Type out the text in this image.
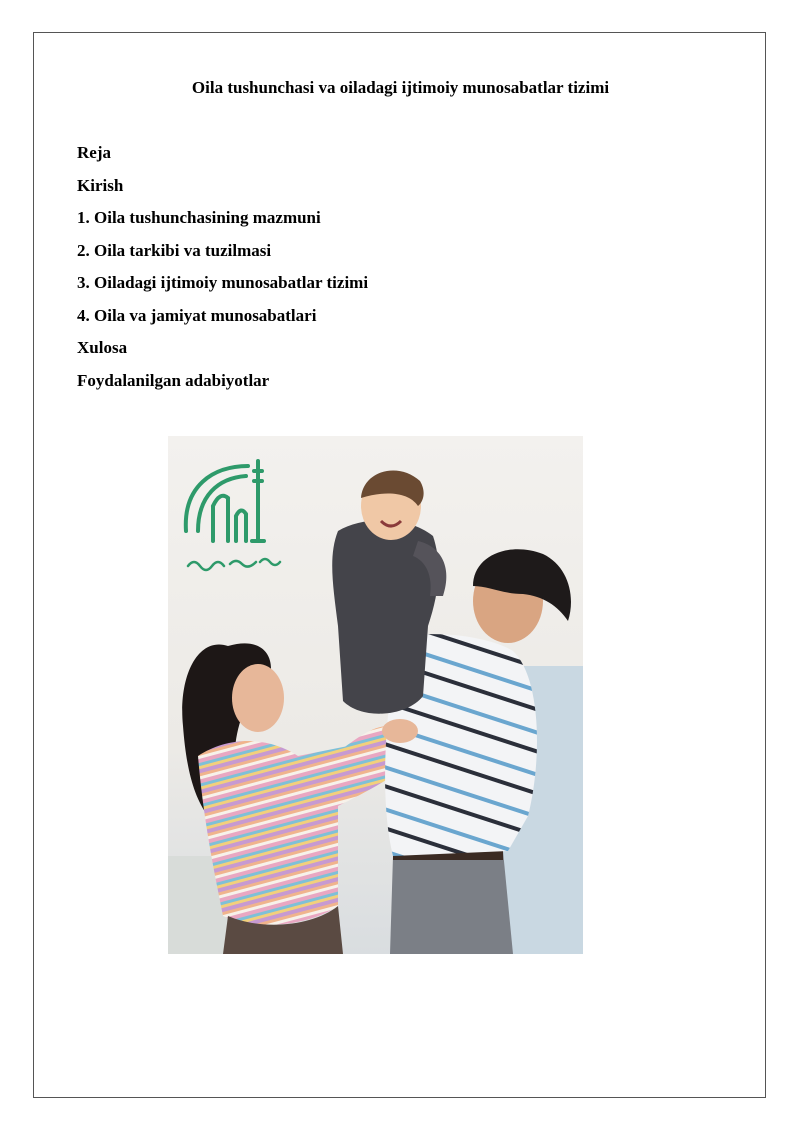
Oila tushunchasi va oiladagi ijtimoiy munosabatlar tizimi
Reja
Kirish
1. Oila tushunchasining mazmuni
2. Oila tarkibi va tuzilmasi
3. Oiladagi ijtimoiy munosabatlar tizimi
4. Oila va jamiyat munosabatlari
Xulosa
Foydalanilgan adabiyotlar
